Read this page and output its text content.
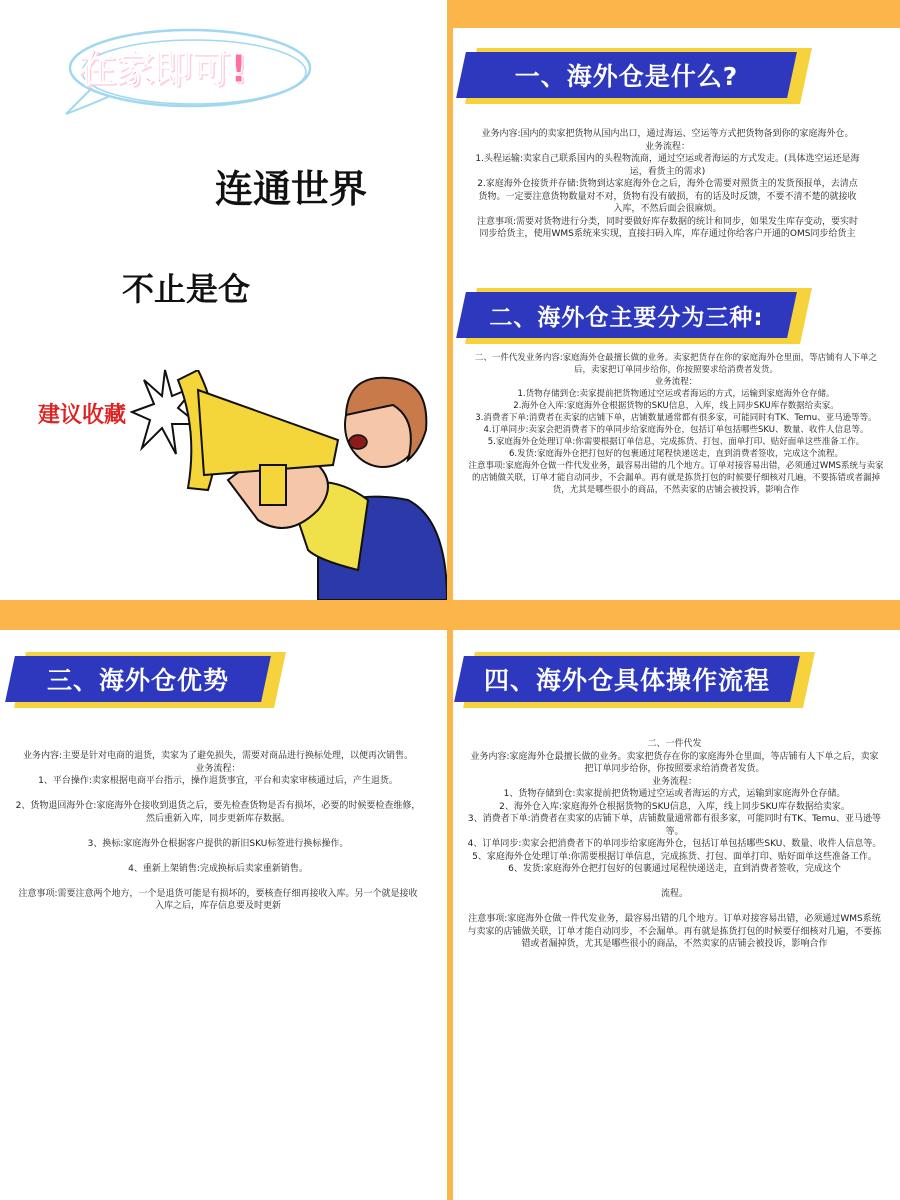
在家即可!
连通世界
不止是仓
建议收藏
一、海外仓是什么?
业务内容:国内的卖家把货物从国内出口，通过海运、空运等方式把货物备到你的家庭海外仓。
业务流程：
1.头程运输:卖家自己联系国内的头程物流商，通过空运或者海运的方式发走。(具体选空运还是海运，看货主的需求)
2.家庭海外仓接货并存储:货物到达家庭海外仓之后，海外仓需要对照货主的发货预报单，去清点货物。一定要注意货物数量对不对，货物有没有破损，有的话及时反馈，不要不清不楚的就接收入库，不然后面会很麻烦。
注意事项:需要对货物进行分类，同时要做好库存数据的统计和同步，如果发生库存变动，要实时同步给货主，使用WMS系统来实现，直接扫码入库，库存通过你给客户开通的OMS同步给货主
二、海外仓主要分为三种:
二、一件代发业务内容:家庭海外仓最擅长做的业务。卖家把货存在你的家庭海外仓里面，等店铺有人下单之后，卖家把订单同步给你，你按照要求给消费者发货。
业务流程：
1.货物存储到仓:卖家提前把货物通过空运或者海运的方式，运输到家庭海外仓存储。
2.海外仓入库:家庭海外仓根据货物的SKU信息，入库，线上同步SKU库存数据给卖家。
3.消费者下单:消费者在卖家的店铺下单，店铺数量通常都有很多家，可能同时有TK、Temu、亚马逊等等。
4.订单同步:卖家会把消费者下的单同步给家庭海外仓，包括订单包括哪些SKU、数量、收件人信息等。
5.家庭海外仓处理订单:你需要根据订单信息，完成拣货、打包、面单打印、贴好面单这些准备工作。
6.发货:家庭海外仓把打包好的包裹通过尾程快递送走，直到消费者签收，完成这个流程。
注意事项:家庭海外仓做一件代发业务，最容易出错的几个地方。订单对接容易出错，必须通过WMS系统与卖家的店铺做关联，订单才能自动同步，不会漏单。再有就是拣货打包的时候要仔细核对几遍，不要拣错或者漏掉货，尤其是哪些很小的商品，不然卖家的店铺会被投诉，影响合作
三、海外仓优势
业务内容:主要是针对电商的退货，卖家为了避免损失，需要对商品进行换标处理，以便再次销售。
业务流程：
1、平台操作:卖家根据电商平台指示，操作退货事宜，平台和卖家审核通过后，产生退货。

2、货物退回海外仓:家庭海外仓接收到退货之后，要先检查货物是否有损坏，必要的时候要检查维修，然后重新入库，同步更新库存数据。

3、换标:家庭海外仓根据客户提供的新旧SKU标签进行换标操作。

4、重新上架销售:完成换标后卖家重新销售。

注意事项:需要注意两个地方，一个是退货可能是有损坏的，要核查仔细再接收入库。另一个就是接收入库之后，库存信息要及时更新
四、海外仓具体操作流程
二、一件代发
业务内容:家庭海外仓最擅长做的业务。卖家把货存在你的家庭海外仓里面，等店铺有人下单之后，卖家把订单同步给你，你按照要求给消费者发货。
业务流程：
1、货物存储到仓:卖家提前把货物通过空运或者海运的方式，运输到家庭海外仓存储。
2、海外仓入库:家庭海外仓根据货物的SKU信息，入库，线上同步SKU库存数据给卖家。
3、消费者下单:消费者在卖家的店铺下单，店铺数量通常都有很多家，可能同时有TK、Temu、亚马逊等等。
4、订单同步:卖家会把消费者下的单同步给家庭海外仓，包括订单包括哪些SKU、数量、收件人信息等。
5、家庭海外仓处理订单:你需要根据订单信息，完成拣货、打包、面单打印、贴好面单这些准备工作。
6、发货:家庭海外仓把打包好的包裹通过尾程快递送走，直到消费者签收，完成这个

流程。

注意事项:家庭海外仓做一件代发业务，最容易出错的几个地方。订单对接容易出错，必须通过WMS系统与卖家的店铺做关联，订单才能自动同步，不会漏单。再有就是拣货打包的时候要仔细核对几遍，不要拣错或者漏掉货，尤其是哪些很小的商品，不然卖家的店铺会被投诉，影响合作
